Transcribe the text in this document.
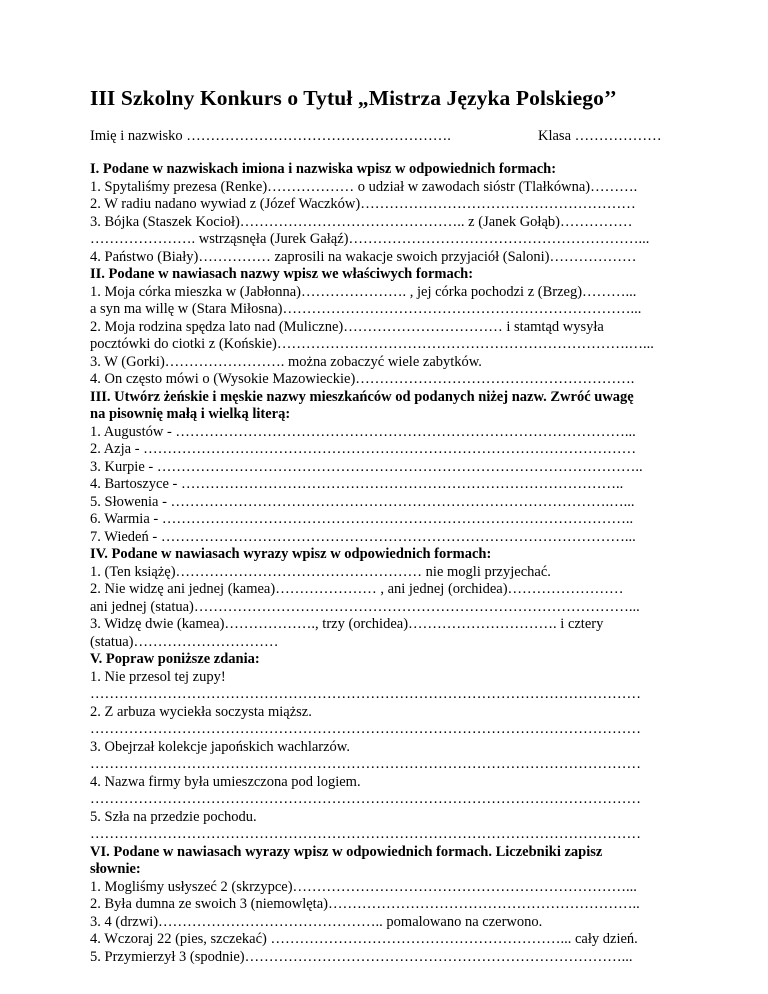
III Szkolny Konkurs o Tytuł „Mistrza Języka Polskiego’’
Imię i nazwisko ……………………………………………….	Klasa ………………
I. Podane w nazwiskach imiona i nazwiska wpisz w odpowiednich formach:
1. Spytaliśmy prezesa (Renke)……………… o udział w zawodach sióstr (Tlałkówna)……….
2. W radiu nadano wywiad z (Józef Waczków)…………………………………………………
3. Bójka (Staszek Kocioł)……………………………………….. z (Janek Gołąb)……………
…………………. wstrząsnęła (Jurek Gałąź)……………………………………………………...
4. Państwo (Biały)…………… zaprosili na wakacje swoich przyjaciół (Saloni)………………
II. Podane w nawiasach nazwy wpisz we właściwych formach:
1. Moja córka mieszka w (Jabłonna)…………………. , jej córka pochodzi z (Brzeg)………...
a syn ma willę w (Stara Miłosna)………………………………………………………………...
2. Moja rodzina spędza lato nad (Muliczne)…………………………… i stamtąd wysyła
pocztówki do ciotki z (Końskie)……………………………………………………………….…...
3. W (Gorki)……………………. można zobaczyć wiele zabytków.
4. On często mówi o (Wysokie Mazowieckie)………………………………………………….
III. Utwórz żeńskie i męskie nazwy mieszkańców od podanych niżej nazw. Zwróć uwagę
na pisownię małą i wielką literą:
1. Augustów - …………………………………………………………………………………...
2. Azja - …………………………………………………………………………………………
3. Kurpie - ………………………………………………………………………………………..
4. Bartoszyce - ………………………………………………………………………………..
5. Słowenia - ……………………………………………………………………………….…...
6. Warmia - ……………………………………………………………………………………..
7. Wiedeń - ……………………………………………………………………………………...
IV. Podane w nawiasach wyrazy wpisz w odpowiednich formach:
1. (Ten książę)…………………………………………… nie mogli przyjechać.
2. Nie widzę ani jednej (kamea)………………… , ani jednej (orchidea)……………………
ani jednej (statua)………………………………………………………………………………...
3. Widzę dwie (kamea)………………., trzy (orchidea)…………………………. i cztery
(statua)…………………………
V. Popraw poniższe zdania:
1. Nie przesol tej zupy!
……………………………………………………………………………………………………
2. Z arbuza wyciekła soczysta miąższ.
……………………………………………………………………………………………………
3. Obejrzał kolekcje japońskich wachlarzów.
……………………………………………………………………………………………………
4. Nazwa firmy była umieszczona pod logiem.
……………………………………………………………………………………………………
5. Szła na przedzie pochodu.
……………………………………………………………………………………………………
VI. Podane w nawiasach wyrazy wpisz w odpowiednich formach. Liczebniki zapisz
słownie:
1. Mogliśmy usłyszeć 2 (skrzypce)……………………………………………………………...
2. Była dumna ze swoich 3 (niemowlęta)………………………………………………………..
3. 4 (drzwi)……………………………………….. pomalowano na czerwono.
4. Wczoraj 22 (pies, szczekać) ……………………………………………………... cały dzień.
5. Przymierzył 3 (spodnie)……………………………………………………………………...
